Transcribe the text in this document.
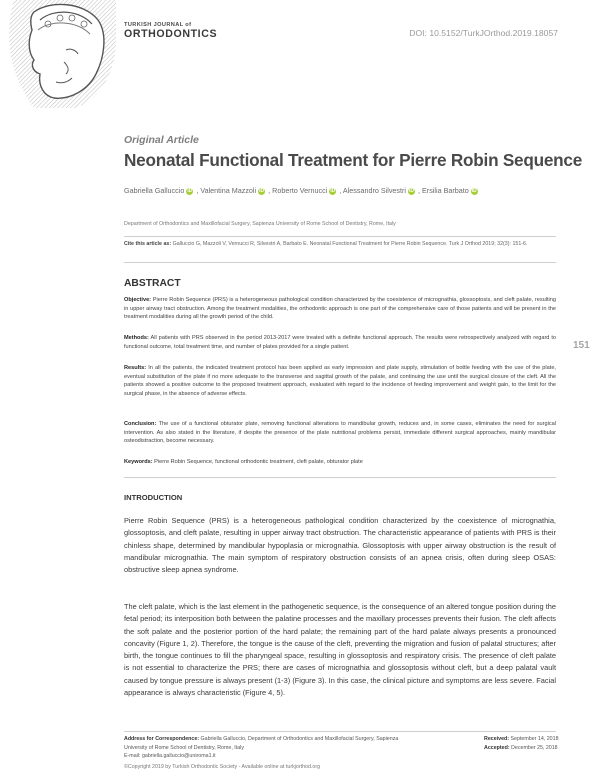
TURKISH JOURNAL of
ORTHODONTICS	DOI: 10.5152/TurkJOrthod.2019.18057
Original Article
Neonatal Functional Treatment for Pierre Robin Sequence
Gabriella Galluccio iD , Valentina Mazzoli iD , Roberto Vernucci iD , Alessandro Silvestri iD , Ersilia Barbato iD
Department of Orthodontics and Maxillofacial Surgery, Sapienza University of Rome School of Dentistry, Rome, Italy
Cite this article as: Galluccio G, Mazzoli V, Vernucci R, Silvestri A, Barbato E. Neonatal Functional Treatment for Pierre Robin Sequence. Turk J Orthod 2019; 32(3): 151-6.
ABSTRACT
Objective: Pierre Robin Sequence (PRS) is a heterogeneous pathological condition characterized by the coexistence of micrognathia, glossoptosis, and cleft palate, resulting in upper airway tract obstruction. Among the treatment modalities, the orthodontic approach is one part of the comprehensive care of those patients and will be present in the treatment modalities during all the growth period of the child.
Methods: All patients with PRS observed in the period 2013-2017 were treated with a definite functional approach. The results were retrospectively analyzed with regard to functional outcome, total treatment time, and number of plates provided for a single patient.
Results: In all the patients, the indicated treatment protocol has been applied as early impression and plate supply, stimulation of bottle feeding with the use of the plate, eventual substitution of the plate if no more adequate to the transverse and sagittal growth of the palate, and continuing the use until the surgical closure of the cleft. All the patients showed a positive outcome to the proposed treatment approach, evaluated with regard to the incidence of feeding improvement and weight gain, to the limit for the surgical phase, in the absence of adverse effects.
Conclusion: The use of a functional obturator plate, removing functional alterations to mandibular growth, reduces and, in some cases, eliminates the need for surgical intervention. As also stated in the literature, if despite the presence of the plate nutritional problems persist, immediate different surgical approaches, mainly mandibular osteodistraction, become necessary.
Keywords: Pierre Robin Sequence, functional orthodontic treatment, cleft palate, obturator plate
151
INTRODUCTION
Pierre Robin Sequence (PRS) is a heterogeneous pathological condition characterized by the coexistence of micrognathia, glossoptosis, and cleft palate, resulting in upper airway tract obstruction. The characteristic appearance of patients with PRS is their chinless shape, determined by mandibular hypoplasia or micrognathia. Glossoptosis with upper airway obstruction is the result of mandibular micrognathia. The main symptom of respiratory obstruction consists of an apnea crisis, often during sleep OSAS: obstructive sleep apnea syndrome.
The cleft palate, which is the last element in the pathogenetic sequence, is the consequence of an altered tongue position during the fetal period; its interposition both between the palatine processes and the maxillary processes prevents their fusion. The cleft affects the soft palate and the posterior portion of the hard palate; the remaining part of the hard palate always presents a pronounced concavity (Figure 1, 2). Therefore, the tongue is the cause of the cleft, preventing the migration and fusion of palatal structures; after birth, the tongue continues to fill the pharyngeal space, resulting in glossoptosis and respiratory crisis. The presence of cleft palate is not essential to characterize the PRS; there are cases of micrognathia and glossoptosis without cleft, but a deep palatal vault caused by tongue pressure is always present (1-3) (Figure 3). In this case, the clinical picture and symptoms are less severe. Facial appearance is always characteristic (Figure 4, 5).
Address for Correspondence: Gabriella Galluccio, Department of Orthodontics and Maxillofacial Surgery, Sapienza
University of Rome School of Dentistry, Rome, Italy
E-mail: gabriella.galluccio@uniroma1.it
Received: September 14, 2018
Accepted: December 25, 2018
©Copyright 2019 by Turkish Orthodontic Society - Available online at turkjorthod.org
